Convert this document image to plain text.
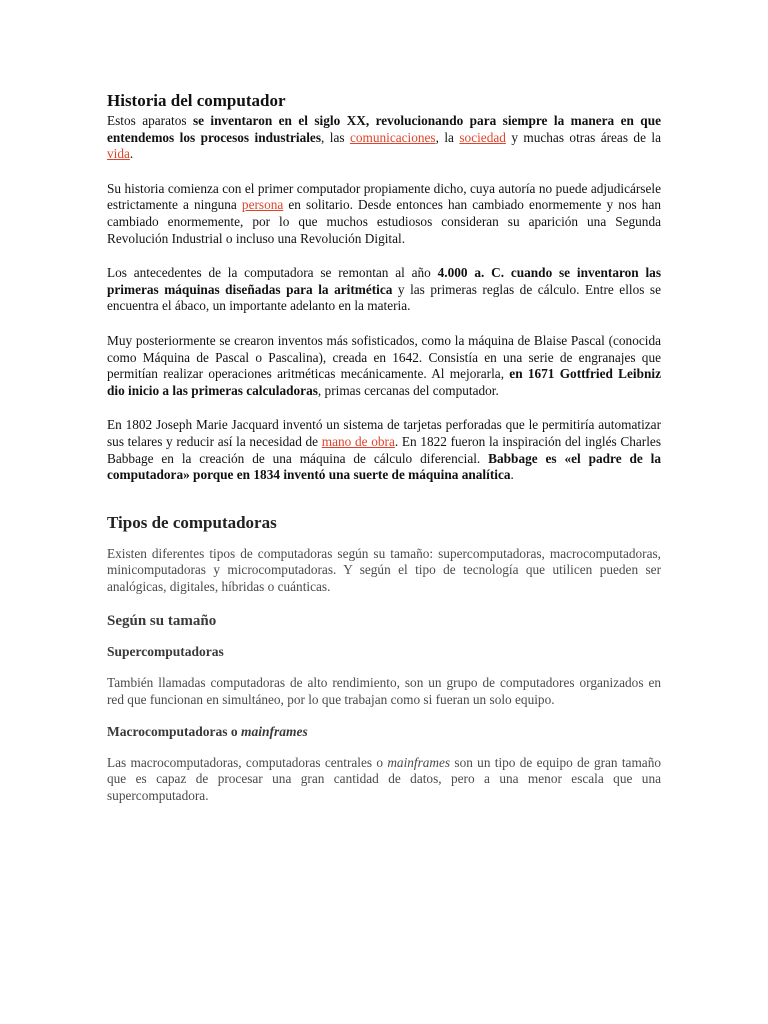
Historia del computador

Estos aparatos se inventaron en el siglo XX, revolucionando para siempre la manera en que entendemos los procesos industriales, las comunicaciones, la sociedad y muchas otras áreas de la vida.

Su historia comienza con el primer computador propiamente dicho, cuya autoría no puede adjudicársele estrictamente a ninguna persona en solitario. Desde entonces han cambiado enormemente y nos han cambiado enormemente, por lo que muchos estudiosos consideran su aparición una Segunda Revolución Industrial o incluso una Revolución Digital.

Los antecedentes de la computadora se remontan al año 4.000 a. C. cuando se inventaron las primeras máquinas diseñadas para la aritmética y las primeras reglas de cálculo. Entre ellos se encuentra el ábaco, un importante adelanto en la materia.

Muy posteriormente se crearon inventos más sofisticados, como la máquina de Blaise Pascal (conocida como Máquina de Pascal o Pascalina), creada en 1642. Consistía en una serie de engranajes que permitían realizar operaciones aritméticas mecánicamente. Al mejorarla, en 1671 Gottfried Leibniz dio inicio a las primeras calculadoras, primas cercanas del computador.

En 1802 Joseph Marie Jacquard inventó un sistema de tarjetas perforadas que le permitiría automatizar sus telares y reducir así la necesidad de mano de obra. En 1822 fueron la inspiración del inglés Charles Babbage en la creación de una máquina de cálculo diferencial. Babbage es «el padre de la computadora» porque en 1834 inventó una suerte de máquina analítica.

Tipos de computadoras

Existen diferentes tipos de computadoras según su tamaño: supercomputadoras, macrocomputadoras, minicomputadoras y microcomputadoras. Y según el tipo de tecnología que utilicen pueden ser analógicas, digitales, híbridas o cuánticas.

Según su tamaño
Supercomputadoras

También llamadas computadoras de alto rendimiento, son un grupo de computadores organizados en red que funcionan en simultáneo, por lo que trabajan como si fueran un solo equipo.

Macrocomputadoras o mainframes

Las macrocomputadoras, computadoras centrales o mainframes son un tipo de equipo de gran tamaño que es capaz de procesar una gran cantidad de datos, pero a una menor escala que una supercomputadora.
